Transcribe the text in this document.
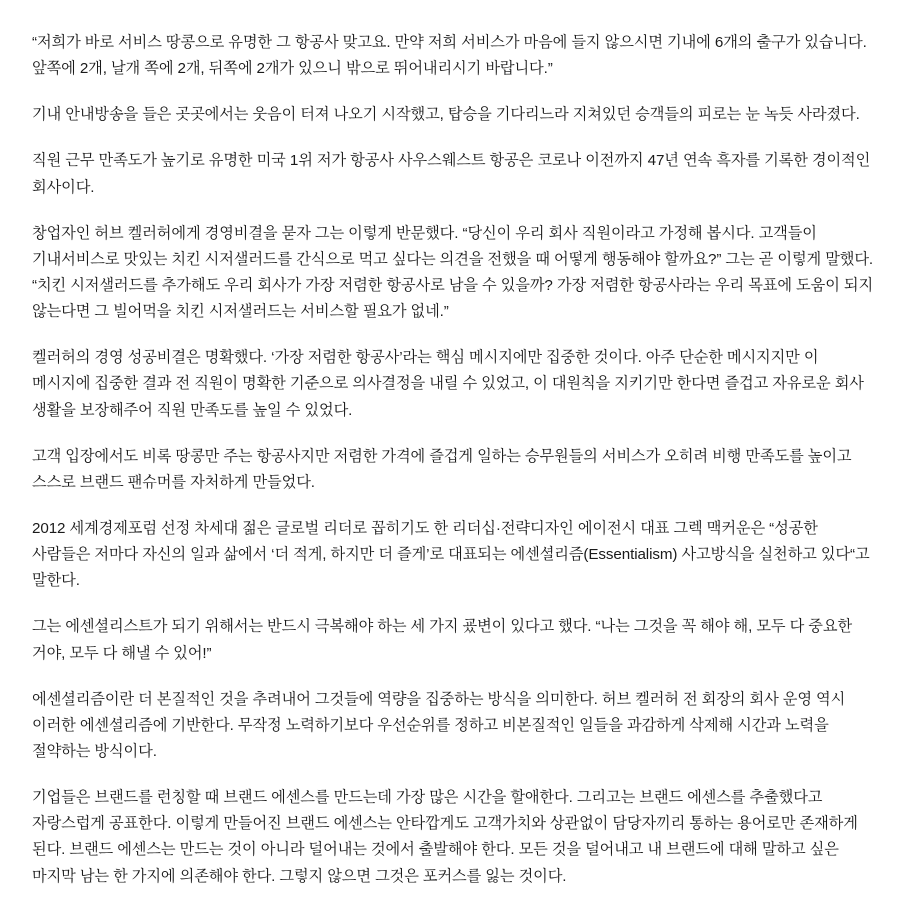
“저희가 바로 서비스 땅콩으로 유명한 그 항공사 맞고요. 만약 저희 서비스가 마음에 들지 않으시면 기내에 6개의 출구가 있습니다. 앞쪽에 2개, 날개 쪽에 2개, 뒤쪽에 2개가 있으니 밖으로 뛰어내리시기 바랍니다.”

기내 안내방송을 들은 곳곳에서는 웃음이 터져 나오기 시작했고, 탑승을 기다리느라 지쳐있던 승객들의 피로는 눈 녹듯 사라졌다.

직원 근무 만족도가 높기로 유명한 미국 1위 저가 항공사 사우스웨스트 항공은 코로나 이전까지 47년 연속 흑자를 기록한 경이적인 회사이다.

창업자인 허브 켈러허에게 경영비결을 묻자 그는 이렇게 반문했다. “당신이 우리 회사 직원이라고 가정해 봅시다. 고객들이 기내서비스로 맛있는 치킨 시저샐러드를 간식으로 먹고 싶다는 의견을 전했을 때 어떻게 행동해야 할까요?” 그는 곧 이렇게 말했다. “치킨 시저샐러드를 추가해도 우리 회사가 가장 저렴한 항공사로 남을 수 있을까? 가장 저렴한 항공사라는 우리 목표에 도움이 되지 않는다면 그 빌어먹을 치킨 시저샐러드는 서비스할 필요가 없네.”

켈러허의 경영 성공비결은 명확했다. ‘가장 저렴한 항공사’라는 핵심 메시지에만 집중한 것이다. 아주 단순한 메시지지만 이 메시지에 집중한 결과 전 직원이 명확한 기준으로 의사결정을 내릴 수 있었고, 이 대원칙을 지키기만 한다면 즐겁고 자유로운 회사 생활을 보장해주어 직원 만족도를 높일 수 있었다.

고객 입장에서도 비록 땅콩만 주는 항공사지만 저렴한 가격에 즐겁게 일하는 승무원들의 서비스가 오히려 비행 만족도를 높이고 스스로 브랜드 팬슈머를 자처하게 만들었다.

2012 세계경제포럼 선정 차세대 젊은 글로벌 리더로 꼽히기도 한 리더십·전략디자인 에이전시 대표 그렉 맥커운은 “성공한 사람들은 저마다 자신의 일과 삶에서 ‘더 적게, 하지만 더 즐게’로 대표되는 에센셜리즘(Essentialism) 사고방식을 실천하고 있다“고 말한다.

그는 에센셜리스트가 되기 위해서는 반드시 극복해야 하는 세 가지 굤변이 있다고 했다. “나는 그것을 꼭 해야 해, 모두 다 중요한 거야, 모두 다 해낼 수 있어!”

에센셜리즘이란 더 본질적인 것을 추려내어 그것들에 역량을 집중하는 방식을 의미한다. 허브 켈러허 전 회장의 회사 운영 역시 이러한 에센셜리즘에 기반한다. 무작정 노력하기보다 우선순위를 정하고 비본질적인 일들을 과감하게 삭제해 시간과 노력을 절약하는 방식이다.

기업들은 브랜드를 런칭할 때 브랜드 에센스를 만드는데 가장 많은 시간을 할애한다. 그리고는 브랜드 에센스를 추출했다고 자랑스럽게 공표한다. 이렇게 만들어진 브랜드 에센스는 안타깝게도 고객가치와 상관없이 담당자끼리 통하는 용어로만 존재하게 된다. 브랜드 에센스는 만드는 것이 아니라 덜어내는 것에서 출발해야 한다. 모든 것을 덜어내고 내 브랜드에 대해 말하고 싶은 마지막 남는 한 가지에 의존해야 한다. 그렇지 않으면 그것은 포커스를 잃는 것이다.
